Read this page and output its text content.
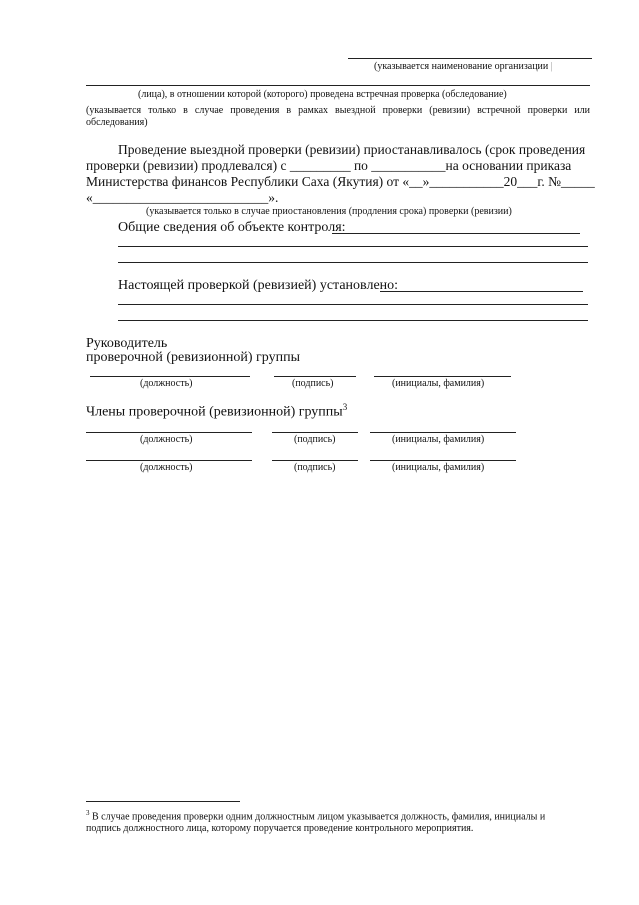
(указывается наименование организации |
(лица), в отношении которой (которого) проведена встречная проверка (обследование)
(указывается только в случае проведения в рамках выездной проверки (ревизии) встречной проверки или обследования)
Проведение выездной проверки (ревизии) приостанавливалось (срок проведения
проверки (ревизии) продлевался) с _________ по ___________на основании приказа
Министерства финансов Республики Саха (Якутия) от «__»___________20___г. №_____
«__________________________».
(указывается только в случае приостановления (продления срока) проверки (ревизии)
Общие сведения об объекте контроля:
Настоящей проверкой (ревизией) установлено:
Руководитель
проверочной (ревизионной) группы
(должность)	(подпись)	(инициалы, фамилия)
Члены проверочной (ревизионной) группы$^3$
(должность)	(подпись)	(инициалы, фамилия)
(должность)	(подпись)	(инициалы, фамилия)
$^3$ В случае проведения проверки одним должностным лицом указывается должность, фамилия, инициалы и
подпись должностного лица, которому поручается проведение контрольного мероприятия.
